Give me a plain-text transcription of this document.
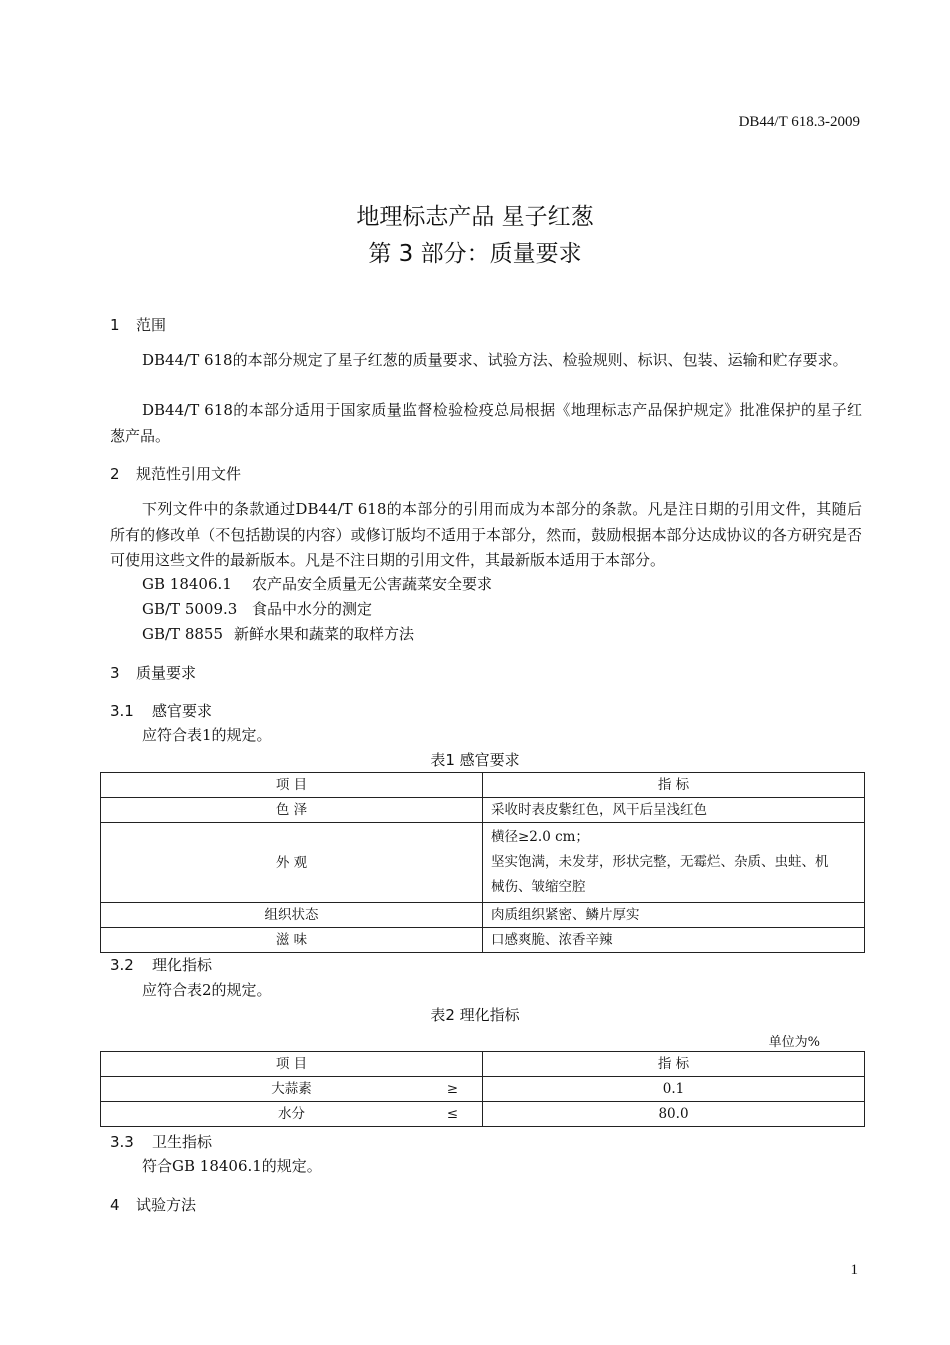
DB44/T 618.3-2009
地理标志产品 星子红葱
第 3 部分：质量要求
1 范围
DB44/T 618的本部分规定了星子红葱的质量要求、试验方法、检验规则、标识、包装、运输和贮存要求。
DB44/T 618的本部分适用于国家质量监督检验检疫总局根据《地理标志产品保护规定》批准保护的星子红葱产品。
2 规范性引用文件
下列文件中的条款通过DB44/T 618的本部分的引用而成为本部分的条款。凡是注日期的引用文件，其随后所有的修改单（不包括勘误的内容）或修订版均不适用于本部分，然而，鼓励根据本部分达成协议的各方研究是否可使用这些文件的最新版本。凡是不注日期的引用文件，其最新版本适用于本部分。
GB 18406.1 农产品安全质量无公害蔬菜安全要求
GB/T 5009.3 食品中水分的测定
GB/T 8855 新鲜水果和蔬菜的取样方法
3 质量要求
3.1 感官要求
应符合表1的规定。
表1 感官要求
项 目	指 标
色 泽	采收时表皮紫红色，风干后呈浅红色
外 观	横径≥2.0 cm；
坚实饱满，未发芽，形状完整，无霉烂、杂质、虫蛀、机
械伤、皱缩空腔

组织状态	肉质组织紧密、鳞片厚实
滋 味	口感爽脆、浓香辛辣
3.2 理化指标
应符合表2的规定。
表2 理化指标
单位为%
项 目	指 标
大蒜素 ≥	0.1
水分 ≤	80.0
3.3 卫生指标
符合GB 18406.1的规定。
4 试验方法
1
